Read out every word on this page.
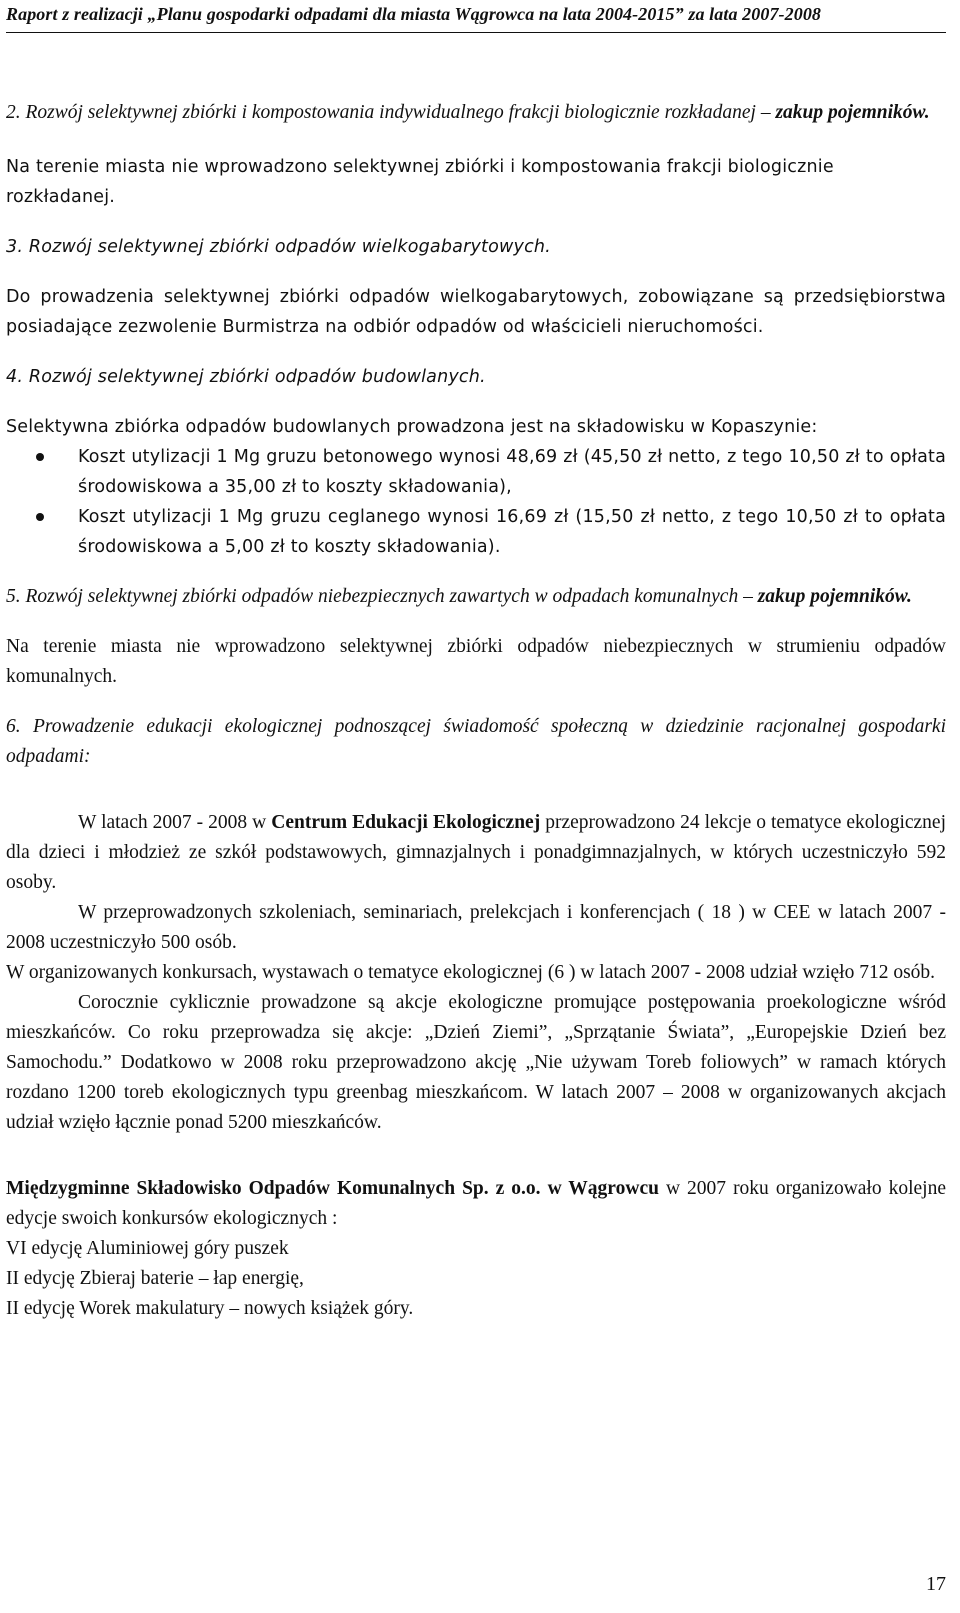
Raport z realizacji „Planu gospodarki odpadami dla miasta Wągrowca na lata 2004-2015” za lata 2007-2008

2. Rozwój selektywnej zbiórki i kompostowania indywidualnego frakcji biologicznie rozkładanej – zakup pojemników.

Na terenie miasta nie wprowadzono selektywnej zbiórki i kompostowania frakcji biologicznie rozkładanej.

3. Rozwój selektywnej zbiórki odpadów wielkogabarytowych.

Do prowadzenia selektywnej zbiórki odpadów wielkogabarytowych, zobowiązane są przedsiębiorstwa posiadające zezwolenie Burmistrza na odbiór odpadów od właścicieli nieruchomości.

4. Rozwój selektywnej zbiórki odpadów budowlanych.

Selektywna zbiórka odpadów budowlanych prowadzona jest na składowisku w Kopaszynie:

Koszt utylizacji 1 Mg gruzu betonowego wynosi 48,69 zł (45,50 zł netto, z tego 10,50 zł to opłata środowiskowa a 35,00 zł to koszty składowania),
Koszt utylizacji 1 Mg gruzu ceglanego wynosi 16,69 zł (15,50 zł netto, z tego 10,50 zł to opłata środowiskowa a 5,00 zł to koszty składowania).

5. Rozwój selektywnej zbiórki odpadów niebezpiecznych zawartych w odpadach komunalnych – zakup pojemników.

Na terenie miasta nie wprowadzono selektywnej zbiórki odpadów niebezpiecznych w strumieniu odpadów komunalnych.

6. Prowadzenie edukacji ekologicznej podnoszącej świadomość społeczną w dziedzinie racjonalnej gospodarki odpadami:

W latach 2007 - 2008 w Centrum Edukacji Ekologicznej przeprowadzono 24 lekcje o tematyce ekologicznej dla dzieci i młodzież ze szkół podstawowych, gimnazjalnych i ponadgimnazjalnych, w których uczestniczyło 592 osoby.

W przeprowadzonych szkoleniach, seminariach, prelekcjach i konferencjach ( 18 ) w CEE w latach 2007 - 2008 uczestniczyło 500 osób.

W organizowanych konkursach, wystawach o tematyce ekologicznej (6 ) w latach 2007 - 2008 udział wzięło 712 osób.

Corocznie cyklicznie prowadzone są akcje ekologiczne promujące postępowania proekologiczne wśród mieszkańców. Co roku przeprowadza się akcje: „Dzień Ziemi”, „Sprzątanie Świata”, „Europejskie Dzień bez Samochodu.” Dodatkowo w 2008 roku przeprowadzono akcję „Nie używam Toreb foliowych” w ramach których rozdano 1200 toreb ekologicznych typu greenbag mieszkańcom. W latach 2007 – 2008 w organizowanych akcjach udział wzięło łącznie ponad 5200 mieszkańców.

Międzygminne Składowisko Odpadów Komunalnych Sp. z o.o. w Wągrowcu w 2007 roku organizowało kolejne edycje swoich konkursów ekologicznych :

VI edycję Aluminiowej góry puszek

II edycję Zbieraj baterie – łap energię,

II edycję Worek makulatury – nowych książek góry.

17
